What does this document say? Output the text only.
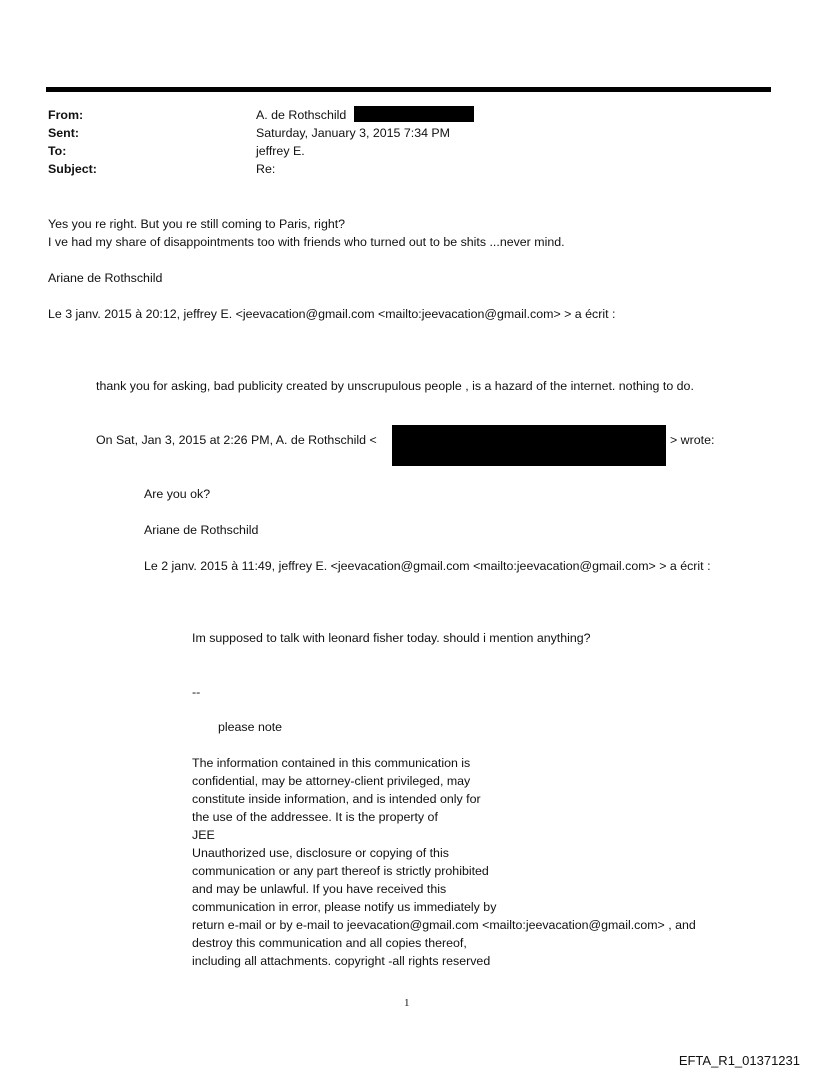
From:	A. de Rothschild
Sent:	Saturday, January 3, 2015 7:34 PM
To:	jeffrey E.
Subject:	Re:
Yes you re right. But you re still coming to Paris, right?
I ve had my share of disappointments too with friends who turned out to be shits ...never mind.
Ariane de Rothschild
Le 3 janv. 2015 à 20:12, jeffrey E. <jeevacation@gmail.com <mailto:jeevacation@gmail.com> > a écrit :
thank you for asking, bad publicity created by unscrupulous people , is a hazard of the internet. nothing to do.
On Sat, Jan 3, 2015 at 2:26 PM, A. de Rothschild <	> wrote:
Are you ok?
Ariane de Rothschild
Le 2 janv. 2015 à 11:49, jeffrey E. <jeevacation@gmail.com <mailto:jeevacation@gmail.com> > a écrit :
Im supposed to talk with leonard fisher today. should i mention anything?
--
please note
The information contained in this communication is
confidential, may be attorney-client privileged, may
constitute inside information, and is intended only for
the use of the addressee. It is the property of
JEE
Unauthorized use, disclosure or copying of this
communication or any part thereof is strictly prohibited
and may be unlawful. If you have received this
communication in error, please notify us immediately by
return e-mail or by e-mail to jeevacation@gmail.com <mailto:jeevacation@gmail.com> , and
destroy this communication and all copies thereof,
including all attachments. copyright -all rights reserved
1
EFTA_R1_01371231
